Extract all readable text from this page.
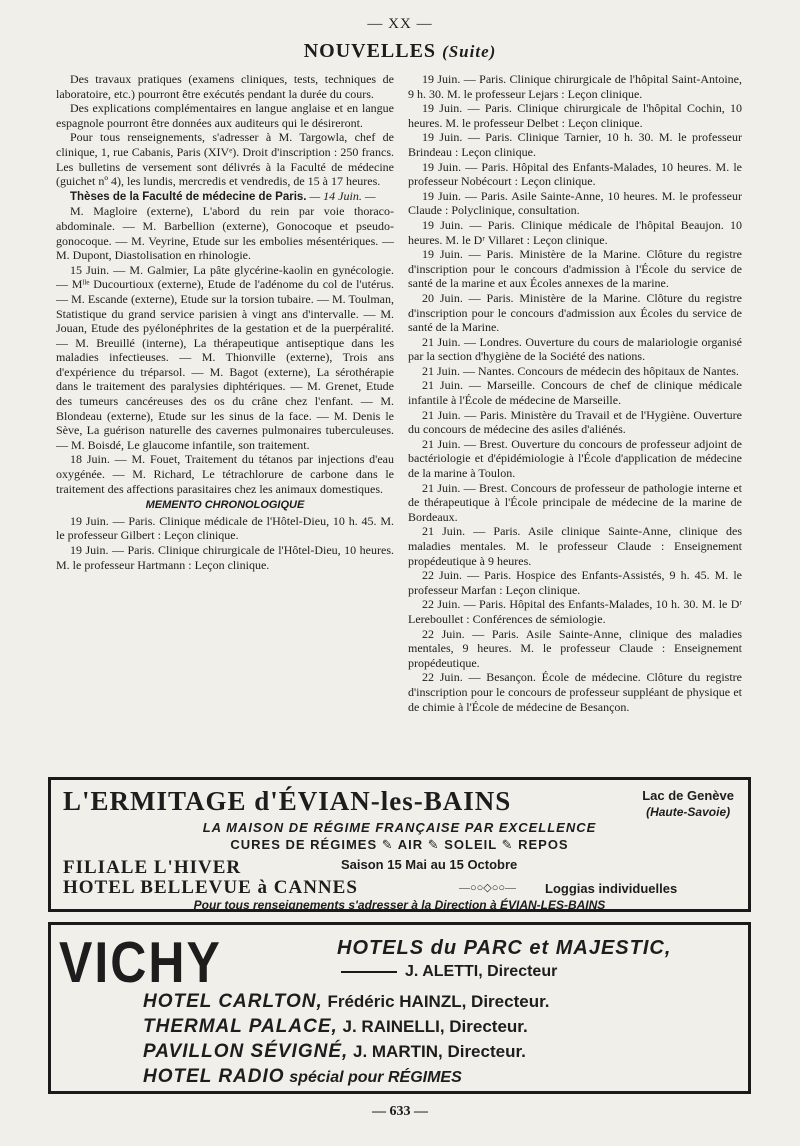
— XX —
NOUVELLES (Suite)

Des travaux pratiques (examens cliniques, tests, techniques de laboratoire, etc.) pourront être exécutés pendant la durée du cours.

Des explications complémentaires en langue anglaise et en langue espagnole pourront être données aux auditeurs qui le désireront.

Pour tous renseignements, s'adresser à M. Targowla, chef de clinique, 1, rue Cabanis, Paris (XIVᵉ). Droit d'inscription : 250 francs. Les bulletins de versement sont délivrés à la Faculté de médecine (guichet nº 4), les lundis, mercredis et vendredis, de 15 à 17 heures.

Thèses de la Faculté de médecine de Paris. — 14 Juin. —

M. Magloire (externe), L'abord du rein par voie thoraco-abdominale. — M. Barbellion (externe), Gonocoque et pseudo-gonocoque. — M. Veyrine, Etude sur les embolies mésentériques. — M. Dupont, Diastolisation en rhinologie.

15 Juin. — M. Galmier, La pâte glycérine-kaolin en gynécologie. — Mˡˡᵉ Ducourtioux (externe), Etude de l'adénome du col de l'utérus. — M. Escande (externe), Etude sur la torsion tubaire. — M. Toulman, Statistique du grand service parisien à vingt ans d'intervalle. — M. Jouan, Etude des pyélonéphrites de la gestation et de la puerpéralité. — M. Breuillé (interne), La thérapeutique antiseptique dans les maladies infectieuses. — M. Thionville (externe), Trois ans d'expérience du tréparsol. — M. Bagot (externe), La sérothérapie dans le traitement des paralysies diphtériques. — M. Grenet, Etude des tumeurs cancéreuses des os du crâne chez l'enfant. — M. Blondeau (externe), Etude sur les sinus de la face. — M. Denis le Sève, La guérison naturelle des cavernes pulmonaires tuberculeuses. — M. Boisdé, Le glaucome infantile, son traitement.

18 Juin. — M. Fouet, Traitement du tétanos par injections d'eau oxygénée. — M. Richard, Le tétrachlorure de carbone dans le traitement des affections parasitaires chez les animaux domestiques.

MEMENTO CHRONOLOGIQUE

19 Juin. — Paris. Clinique médicale de l'Hôtel-Dieu, 10 h. 45. M. le professeur Gilbert : Leçon clinique.

19 Juin. — Paris. Clinique chirurgicale de l'Hôtel-Dieu, 10 heures. M. le professeur Hartmann : Leçon clinique.

19 Juin. — Paris. Clinique chirurgicale de l'hôpital Saint-Antoine, 9 h. 30. M. le professeur Lejars : Leçon clinique.

19 Juin. — Paris. Clinique chirurgicale de l'hôpital Cochin, 10 heures. M. le professeur Delbet : Leçon clinique.

19 Juin. — Paris. Clinique Tarnier, 10 h. 30. M. le professeur Brindeau : Leçon clinique.

19 Juin. — Paris. Hôpital des Enfants-Malades, 10 heures. M. le professeur Nobécourt : Leçon clinique.

19 Juin. — Paris. Asile Sainte-Anne, 10 heures. M. le professeur Claude : Polyclinique, consultation.

19 Juin. — Paris. Clinique médicale de l'hôpital Beaujon. 10 heures. M. le Dʳ Villaret : Leçon clinique.

19 Juin. — Paris. Ministère de la Marine. Clôture du registre d'inscription pour le concours d'admission à l'École du service de santé de la marine et aux Écoles annexes de la marine.

20 Juin. — Paris. Ministère de la Marine. Clôture du registre d'inscription pour le concours d'admission aux Écoles du service de santé de la Marine.

21 Juin. — Londres. Ouverture du cours de malariologie organisé par la section d'hygiène de la Société des nations.

21 Juin. — Nantes. Concours de médecin des hôpitaux de Nantes.

21 Juin. — Marseille. Concours de chef de clinique médicale infantile à l'École de médecine de Marseille.

21 Juin. — Paris. Ministère du Travail et de l'Hygiène. Ouverture du concours de médecine des asiles d'aliénés.

21 Juin. — Brest. Ouverture du concours de professeur adjoint de bactériologie et d'épidémiologie à l'École d'application de médecine de la marine à Toulon.

21 Juin. — Brest. Concours de professeur de pathologie interne et de thérapeutique à l'École principale de médecine de la marine de Bordeaux.

21 Juin. — Paris. Asile clinique Sainte-Anne, clinique des maladies mentales. M. le professeur Claude : Enseignement propédeutique à 9 heures.

22 Juin. — Paris. Hospice des Enfants-Assistés, 9 h. 45. M. le professeur Marfan : Leçon clinique.

22 Juin. — Paris. Hôpital des Enfants-Malades, 10 h. 30. M. le Dʳ Lereboullet : Conférences de sémiologie.

22 Juin. — Paris. Asile Sainte-Anne, clinique des maladies mentales, 9 heures. M. le professeur Claude : Enseignement propédeutique.

22 Juin. — Besançon. École de médecine. Clôture du registre d'inscription pour le concours de professeur suppléant de physique et de chimie à l'École de médecine de Besançon.

L'ERMITAGE d'ÉVIAN-les-BAINS	Lac de Genève
(Haute-Savoie)
LA MAISON DE RÉGIME FRANÇAISE PAR EXCELLENCE
CURES DE RÉGIMES ✎ AIR ✎ SOLEIL ✎ REPOS
FILIALE L'HIVER	Saison 15 Mai au 15 Octobre
HOTEL BELLEVUE à CANNES	—○○◇○○— Loggias individuelles
Pour tous renseignements s'adresser à la Direction à ÉVIAN-LES-BAINS
VICHY	HOTELS du PARC et MAJESTIC,
J. ALETTI, Directeur
HOTEL CARLTON, Frédéric HAINZL, Directeur.
THERMAL PALACE, J. RAINELLI, Directeur.
PAVILLON SÉVIGNÉ, J. MARTIN, Directeur.
HOTEL RADIO spécial pour RÉGIMES
— 633 —
